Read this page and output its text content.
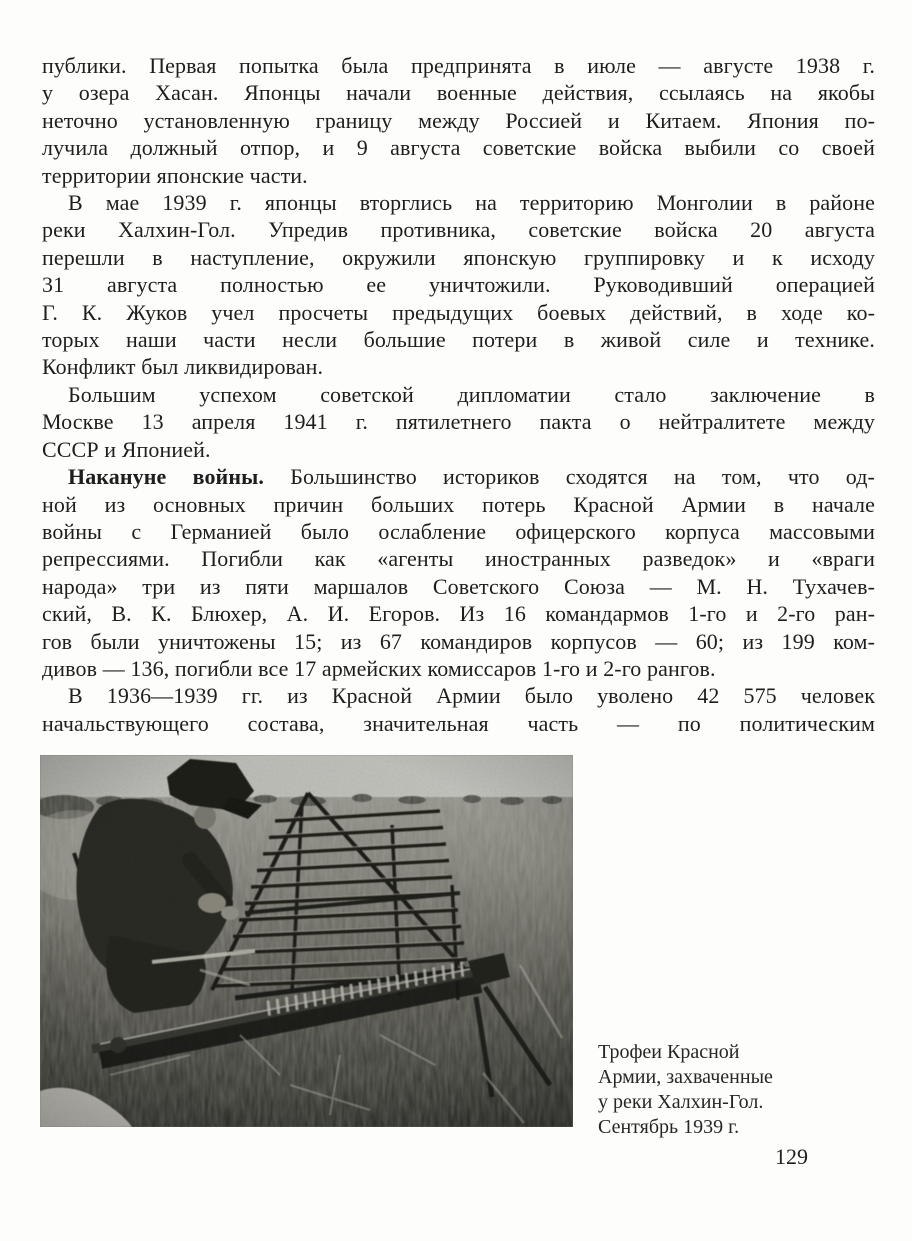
публики. Первая попытка была предпринята в июле — августе 1938 г.
у озера Хасан. Японцы начали военные действия, ссылаясь на якобы
неточно установленную границу между Россией и Китаем. Япония по-
лучила должный отпор, и 9 августа советские войска выбили со своей
территории японские части.
В мае 1939 г. японцы вторглись на территорию Монголии в районе
реки Халхин-Гол. Упредив противника, советские войска 20 августа
перешли в наступление, окружили японскую группировку и к исходу
31 августа полностью ее уничтожили. Руководивший операцией
Г. К. Жуков учел просчеты предыдущих боевых действий, в ходе ко-
торых наши части несли большие потери в живой силе и технике.
Конфликт был ликвидирован.
Большим успехом советской дипломатии стало заключение в
Москве 13 апреля 1941 г. пятилетнего пакта о нейтралитете между
СССР и Японией.
Накануне войны. Большинство историков сходятся на том, что од-
ной из основных причин больших потерь Красной Армии в начале
войны с Германией было ослабление офицерского корпуса массовыми
репрессиями. Погибли как «агенты иностранных разведок» и «враги
народа» три из пяти маршалов Советского Союза — М. Н. Тухачев-
ский, В. К. Блюхер, А. И. Егоров. Из 16 командармов 1-го и 2-го ран-
гов были уничтожены 15; из 67 командиров корпусов — 60; из 199 ком-
дивов — 136, погибли все 17 армейских комиссаров 1-го и 2-го рангов.
В 1936—1939 гг. из Красной Армии было уволено 42 575 человек
начальствующего состава, значительная часть — по политическим
Трофеи Красной
Армии, захваченные
у реки Халхин-Гол.
Сентябрь 1939 г.
129
